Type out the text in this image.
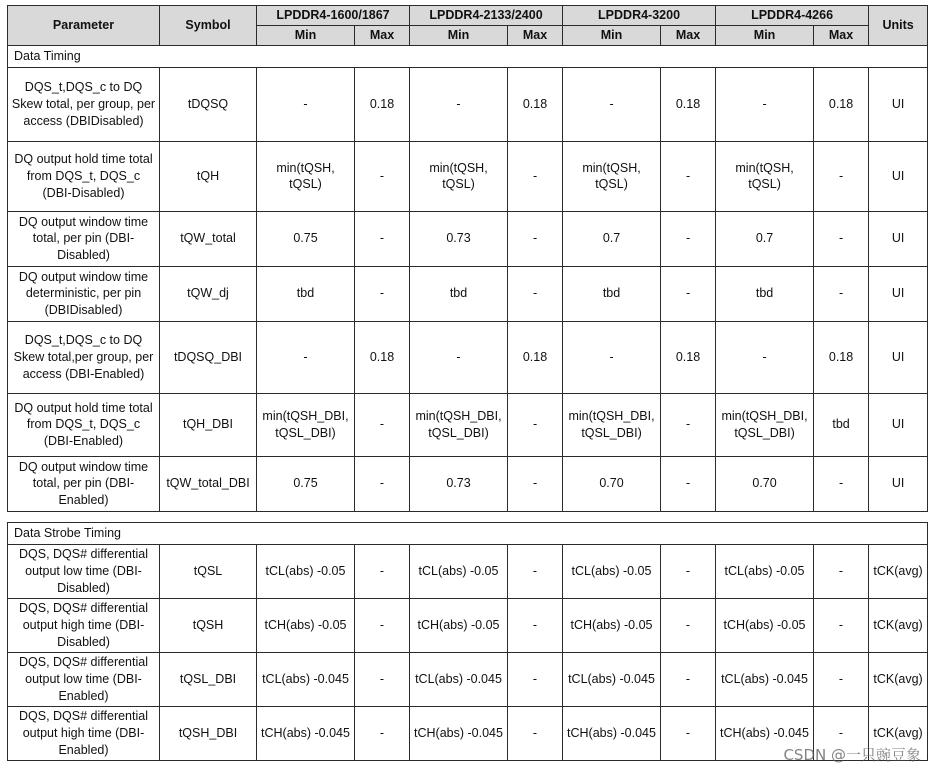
Parameter	Symbol	LPDDR4-1600/1867		LPDDR4-2133/2400		LPDDR4-3200		LPDDR4-4266		Units
		Min	Max	Min	Max	Min	Max	Min	Max	
Data Timing										
DQS_t,DQS_c to DQ Skew total, per group, per access (DBIDisabled)	tDQSQ	-	0.18	-	0.18	-	0.18	-	0.18	UI
DQ output hold time total from DQS_t, DQS_c (DBI-Disabled)	tQH	min(tQSH, tQSL)	-	min(tQSH, tQSL)	-	min(tQSH, tQSL)	-	min(tQSH, tQSL)	-	UI
DQ output window time total, per pin (DBI-Disabled)	tQW_total	0.75	-	0.73	-	0.7	-	0.7	-	UI
DQ output window time deterministic, per pin (DBIDisabled)	tQW_dj	tbd	-	tbd	-	tbd	-	tbd	-	UI
DQS_t,DQS_c to DQ Skew total,per group, per access (DBI-Enabled)	tDQSQ_DBI	-	0.18	-	0.18	-	0.18	-	0.18	UI
DQ output hold time total from DQS_t, DQS_c (DBI-Enabled)	tQH_DBI	min(tQSH_DBI, tQSL_DBI)	-	min(tQSH_DBI, tQSL_DBI)	-	min(tQSH_DBI, tQSL_DBI)	-	min(tQSH_DBI, tQSL_DBI)	tbd	UI
DQ output window time total, per pin (DBI-Enabled)	tQW_total_DBI	0.75	-	0.73	-	0.70	-	0.70	-	UI
Data Strobe Timing										
DQS, DQS# differential output low time (DBI-Disabled)	tQSL	tCL(abs) -0.05	-	tCL(abs) -0.05	-	tCL(abs) -0.05	-	tCL(abs) -0.05	-	tCK(avg)
DQS, DQS# differential output high time (DBI-Disabled)	tQSH	tCH(abs) -0.05	-	tCH(abs) -0.05	-	tCH(abs) -0.05	-	tCH(abs) -0.05	-	tCK(avg)
DQS, DQS# differential output low time (DBI-Enabled)	tQSL_DBI	tCL(abs) -0.045	-	tCL(abs) -0.045	-	tCL(abs) -0.045	-	tCL(abs) -0.045	-	tCK(avg)
DQS, DQS# differential output high time (DBI-Enabled)	tQSH_DBI	tCH(abs) -0.045	-	tCH(abs) -0.045	-	tCH(abs) -0.045	-	tCH(abs) -0.045	-	tCK(avg)
CSDN @一只豌豆象
